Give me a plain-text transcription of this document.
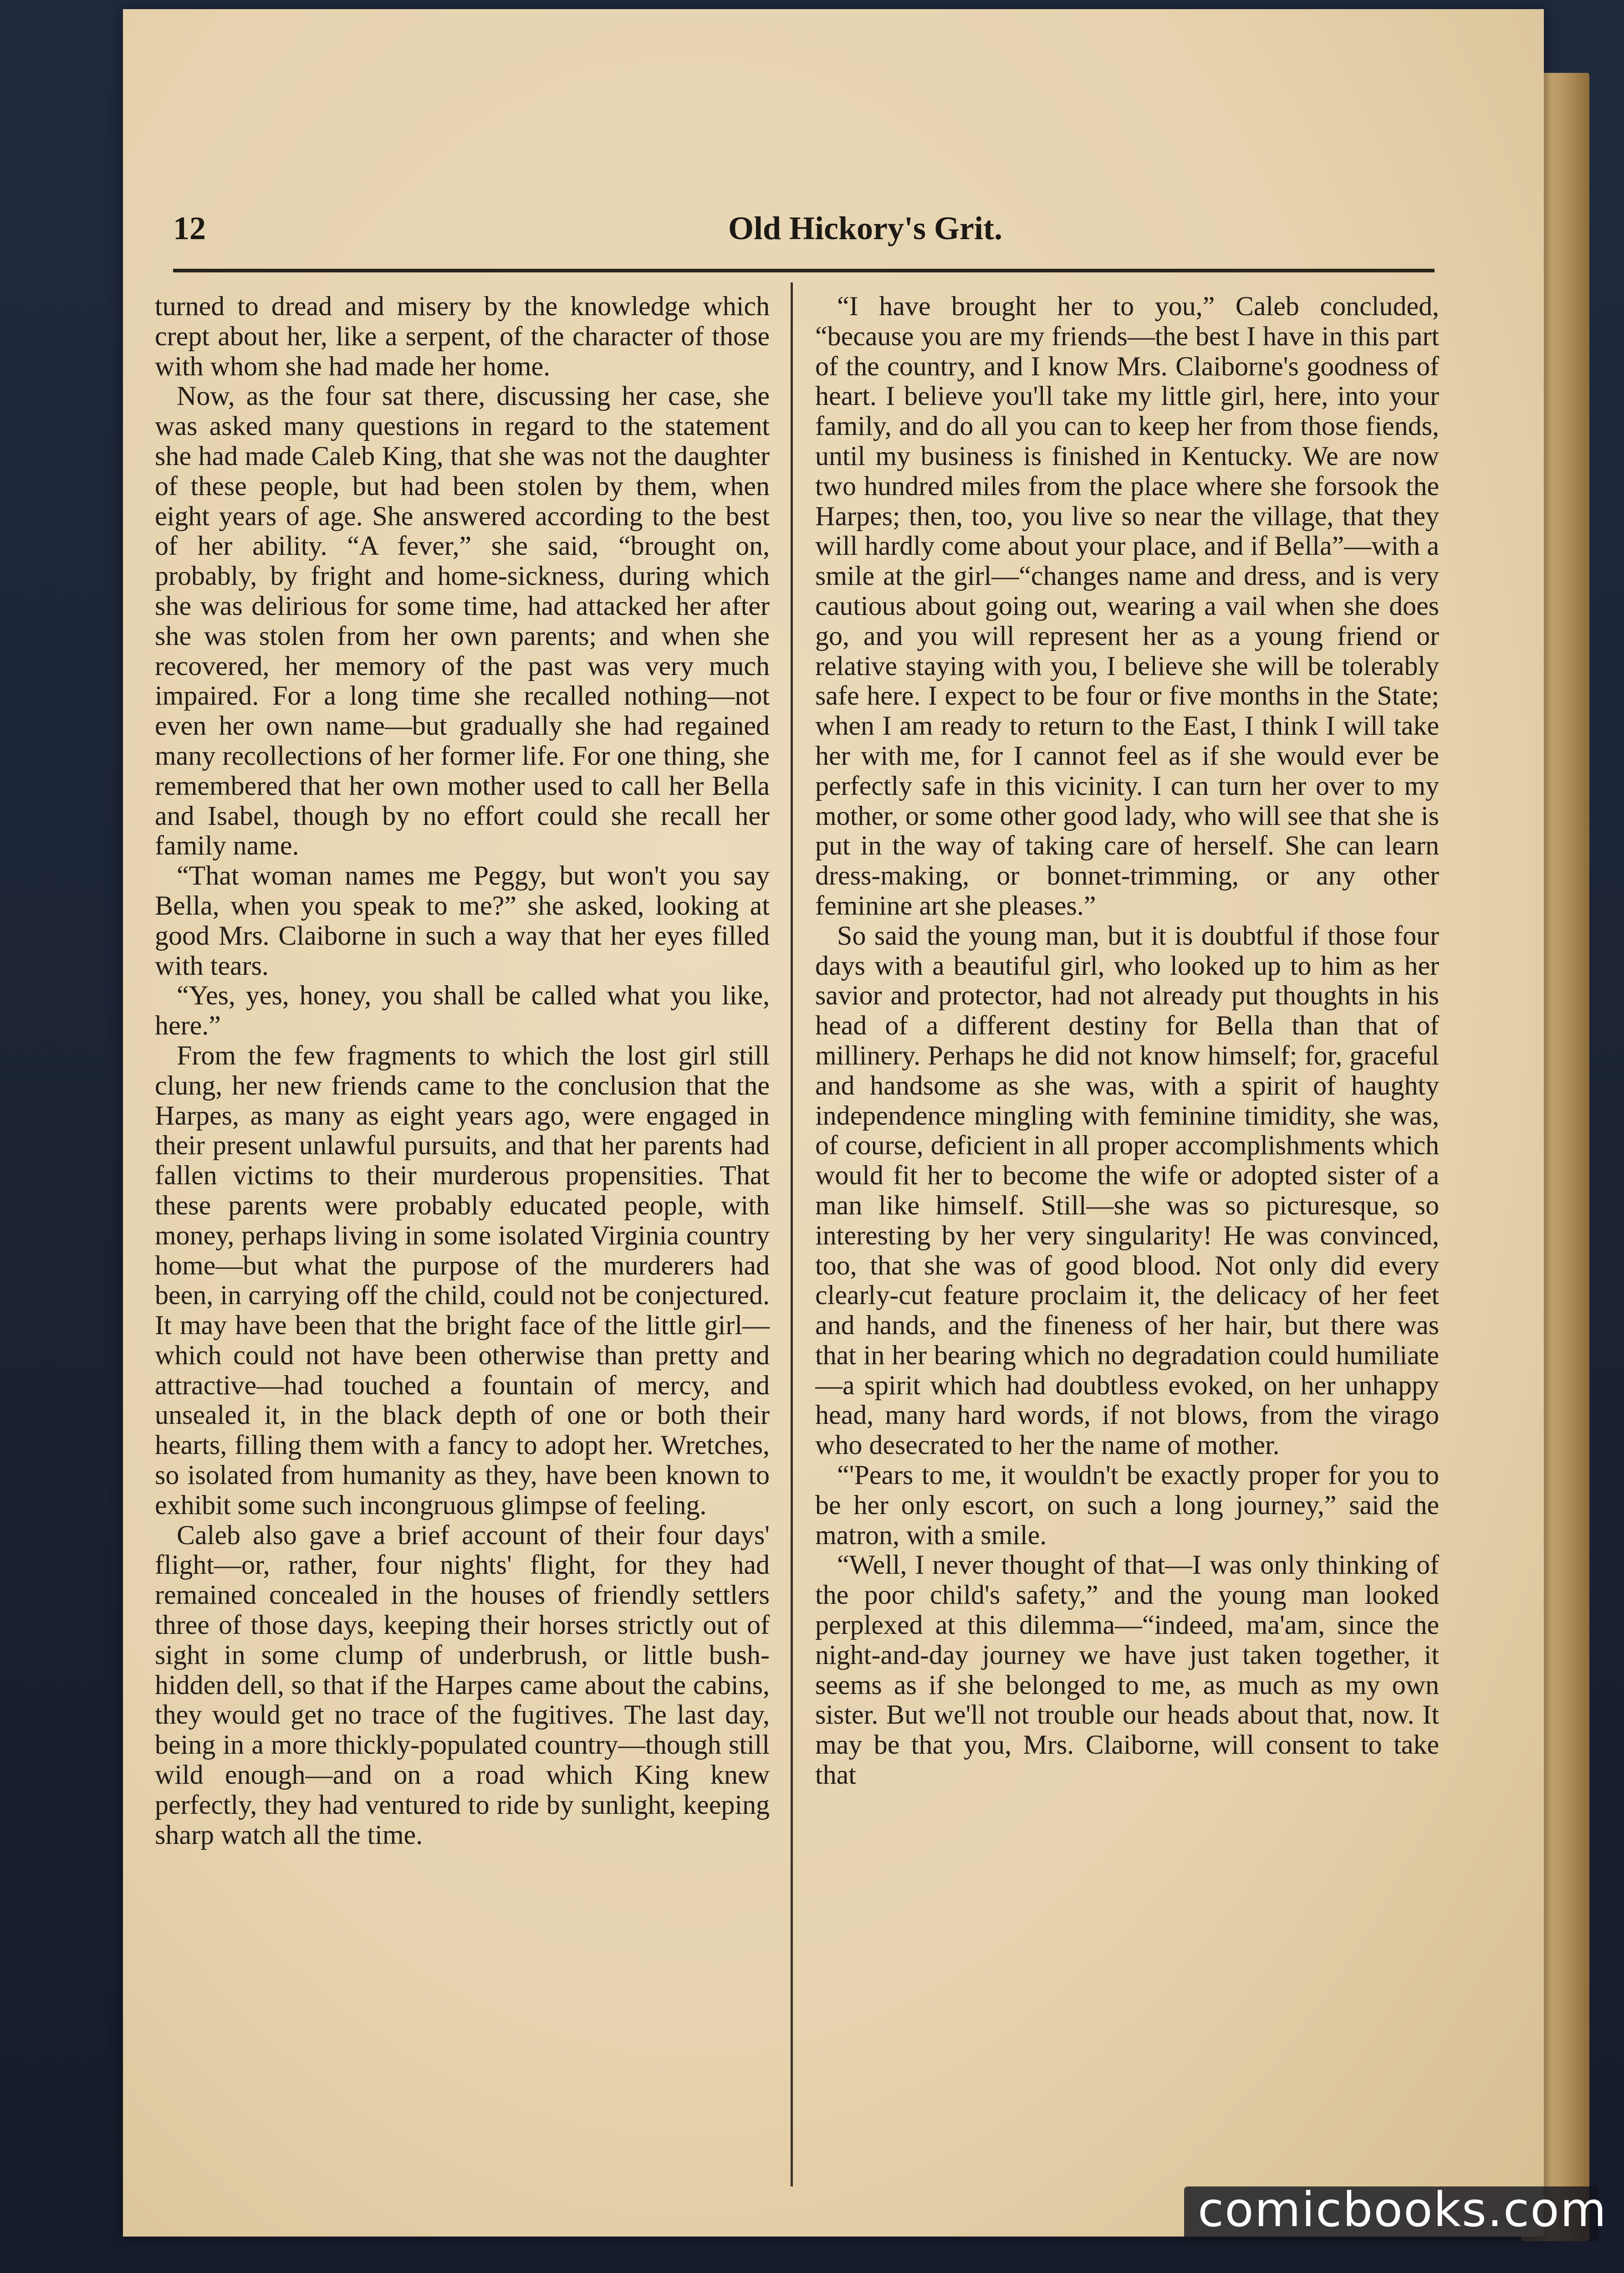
12	Old Hickory's Grit.

turned to dread and misery by the knowledge which crept about her, like a serpent, of the character of those with whom she had made her home.

Now, as the four sat there, discussing her case, she was asked many questions in regard to the statement she had made Caleb King, that she was not the daughter of these people, but had been stolen by them, when eight years of age. She answered according to the best of her ability. “A fever,” she said, “brought on, probably, by fright and home-sickness, during which she was delirious for some time, had attacked her after she was stolen from her own parents; and when she recovered, her memory of the past was very much impaired. For a long time she recalled nothing—not even her own name—but gradually she had regained many recollections of her former life. For one thing, she remembered that her own mother used to call her Bella and Isabel, though by no effort could she recall her family name.

“That woman names me Peggy, but won't you say Bella, when you speak to me?” she asked, looking at good Mrs. Claiborne in such a way that her eyes filled with tears.

“Yes, yes, honey, you shall be called what you like, here.”

From the few fragments to which the lost girl still clung, her new friends came to the conclusion that the Harpes, as many as eight years ago, were engaged in their present unlawful pursuits, and that her parents had fallen victims to their murderous propensities. That these parents were probably educated people, with money, perhaps living in some isolated Virginia country home—but what the purpose of the murderers had been, in carrying off the child, could not be conjectured. It may have been that the bright face of the little girl—which could not have been otherwise than pretty and attractive—had touched a fountain of mercy, and unsealed it, in the black depth of one or both their hearts, filling them with a fancy to adopt her. Wretches, so isolated from humanity as they, have been known to exhibit some such incongruous glimpse of feeling.

Caleb also gave a brief account of their four days' flight—or, rather, four nights' flight, for they had remained concealed in the houses of friendly settlers three of those days, keeping their horses strictly out of sight in some clump of underbrush, or little bush-hidden dell, so that if the Harpes came about the cabins, they would get no trace of the fugitives. The last day, being in a more thickly-populated country—though still wild enough—and on a road which King knew perfectly, they had ventured to ride by sunlight, keeping sharp watch all the time.

“I have brought her to you,” Caleb concluded, “because you are my friends—the best I have in this part of the country, and I know Mrs. Claiborne's goodness of heart. I believe you'll take my little girl, here, into your family, and do all you can to keep her from those fiends, until my business is finished in Kentucky. We are now two hundred miles from the place where she forsook the Harpes; then, too, you live so near the village, that they will hardly come about your place, and if Bella”—with a smile at the girl—“changes name and dress, and is very cautious about going out, wearing a vail when she does go, and you will represent her as a young friend or relative staying with you, I believe she will be tolerably safe here. I expect to be four or five months in the State; when I am ready to return to the East, I think I will take her with me, for I cannot feel as if she would ever be perfectly safe in this vicinity. I can turn her over to my mother, or some other good lady, who will see that she is put in the way of taking care of herself. She can learn dress-making, or bonnet-trimming, or any other feminine art she pleases.”

So said the young man, but it is doubtful if those four days with a beautiful girl, who looked up to him as her savior and protector, had not already put thoughts in his head of a different destiny for Bella than that of millinery. Perhaps he did not know himself; for, graceful and handsome as she was, with a spirit of haughty independence mingling with feminine timidity, she was, of course, deficient in all proper accomplishments which would fit her to become the wife or adopted sister of a man like himself. Still—she was so picturesque, so interesting by her very singularity! He was convinced, too, that she was of good blood. Not only did every clearly-cut feature proclaim it, the delicacy of her feet and hands, and the fineness of her hair, but there was that in her bearing which no degradation could humiliate—a spirit which had doubtless evoked, on her unhappy head, many hard words, if not blows, from the virago who desecrated to her the name of mother.

“'Pears to me, it wouldn't be exactly proper for you to be her only escort, on such a long journey,” said the matron, with a smile.

“Well, I never thought of that—I was only thinking of the poor child's safety,” and the young man looked perplexed at this dilemma—“indeed, ma'am, since the night-and-day journey we have just taken together, it seems as if she belonged to me, as much as my own sister. But we'll not trouble our heads about that, now. It may be that you, Mrs. Claiborne, will consent to take that

comicbooks.com
